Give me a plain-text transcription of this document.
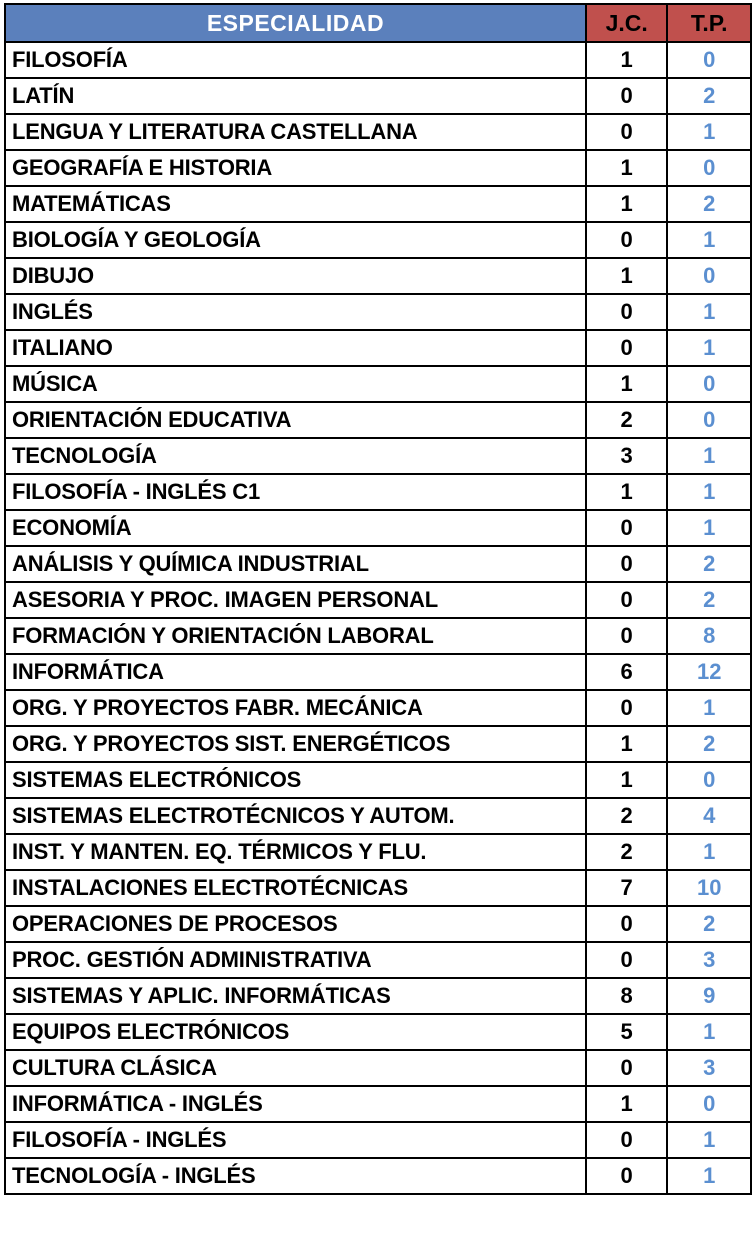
ESPECIALIDAD	J.C.	T.P.
FILOSOFÍA	1	0
LATÍN	0	2
LENGUA Y LITERATURA CASTELLANA	0	1
GEOGRAFÍA E HISTORIA	1	0
MATEMÁTICAS	1	2
BIOLOGÍA Y GEOLOGÍA	0	1
DIBUJO	1	0
INGLÉS	0	1
ITALIANO	0	1
MÚSICA	1	0
ORIENTACIÓN EDUCATIVA	2	0
TECNOLOGÍA	3	1
FILOSOFÍA - INGLÉS C1	1	1
ECONOMÍA	0	1
ANÁLISIS Y QUÍMICA INDUSTRIAL	0	2
ASESORIA Y PROC. IMAGEN PERSONAL	0	2
FORMACIÓN Y ORIENTACIÓN LABORAL	0	8
INFORMÁTICA	6	12
ORG. Y PROYECTOS FABR. MECÁNICA	0	1
ORG. Y PROYECTOS SIST. ENERGÉTICOS	1	2
SISTEMAS ELECTRÓNICOS	1	0
SISTEMAS ELECTROTÉCNICOS Y AUTOM.	2	4
INST. Y MANTEN. EQ. TÉRMICOS Y FLU.	2	1
INSTALACIONES ELECTROTÉCNICAS	7	10
OPERACIONES DE PROCESOS	0	2
PROC. GESTIÓN ADMINISTRATIVA	0	3
SISTEMAS Y APLIC. INFORMÁTICAS	8	9
EQUIPOS ELECTRÓNICOS	5	1
CULTURA CLÁSICA	0	3
INFORMÁTICA - INGLÉS	1	0
FILOSOFÍA - INGLÉS	0	1
TECNOLOGÍA - INGLÉS	0	1
